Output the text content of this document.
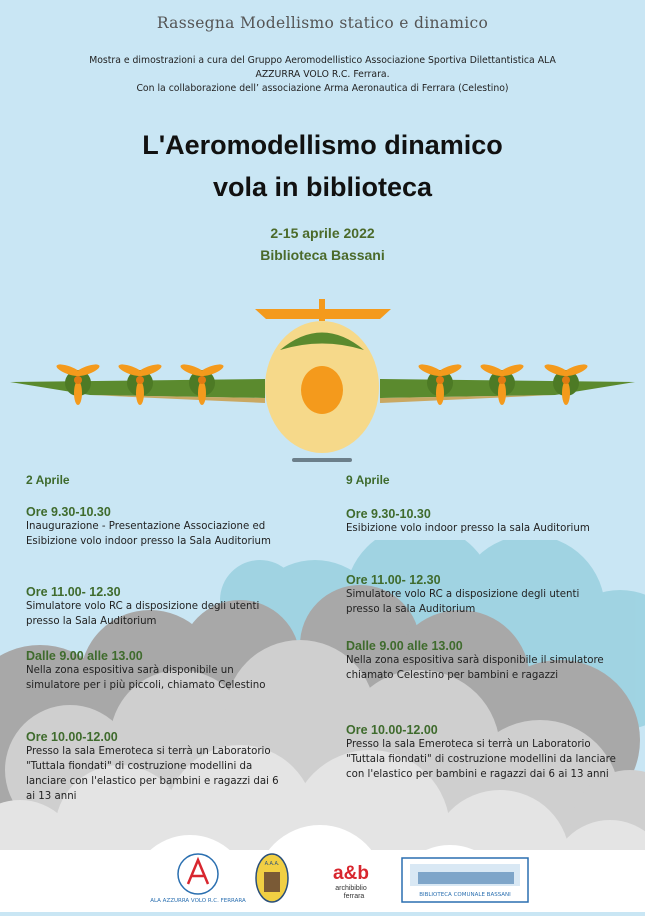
Rassegna Modellismo statico e dinamico
Mostra e dimostrazioni a cura del Gruppo Aeromodellistico Associazione Sportiva Dilettantistica ALA
AZZURRA VOLO R.C. Ferrara.
Con la collaborazione dell’ associazione Arma Aeronautica di Ferrara (Celestino)
L'Aeromodellismo dinamico
vola in biblioteca
2-15 aprile 2022
Biblioteca Bassani
2 Aprile

Ore 9.30-10.30

Inaugurazione - Presentazione Associazione ed Esibizione volo indoor presso la Sala Auditorium

Ore 11.00- 12.30

Simulatore volo RC a disposizione degli utenti presso la Sala Auditorium

Dalle 9.00 alle 13.00

Nella zona espositiva sarà disponibile un simulatore per i più piccoli, chiamato Celestino

Ore 10.00-12.00

Presso la sala Emeroteca si terrà un Laboratorio "Tuttala fiondati" di costruzione modellini da lanciare con l'elastico per bambini e ragazzi dai 6 ai 13 anni

9 Aprile

Ore 9.30-10.30

Esibizione volo indoor presso la sala Auditorium

Ore 11.00- 12.30

Simulatore volo RC a disposizione degli utenti presso la sala Auditorium

Dalle 9.00 alle 13.00

Nella zona espositiva sarà disponibile il simulatore chiamato Celestino per bambini e ragazzi

Ore 10.00-12.00

Presso la sala Emeroteca si terrà un Laboratorio "Tuttala fiondati" di costruzione modellini da lanciare con l'elastico per bambini e ragazzi dai 6 ai 13 anni

ALA AZZURRA VOLO R.C. FERRARA
A.A.A.	a&b
archibiblio
ferrara	BIBLIOTECA COMUNALE BASSANI
